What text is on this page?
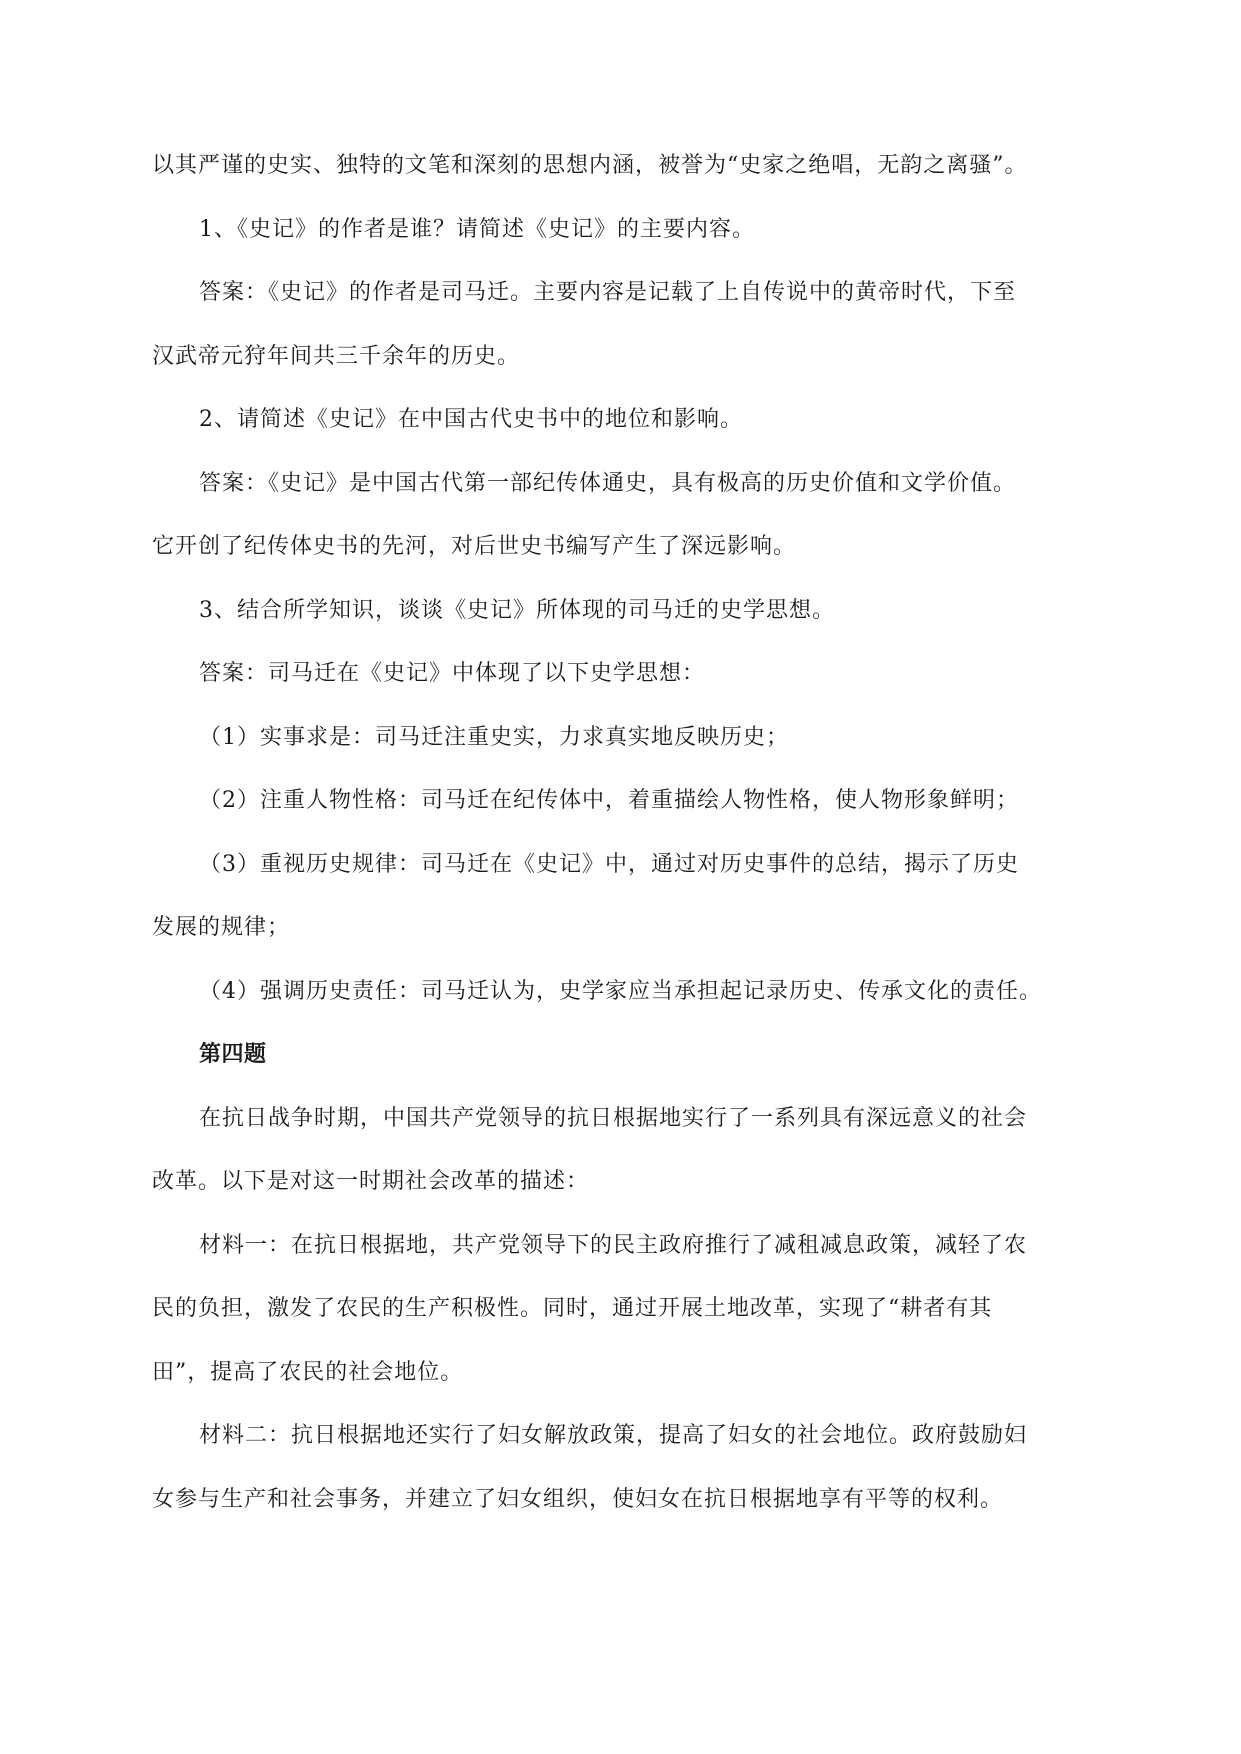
以其严谨的史实、独特的文笔和深刻的思想内涵，被誉为“史家之绝唱，无韵之离骚”。
1、《史记》的作者是谁？请简述《史记》的主要内容。
答案：《史记》的作者是司马迁。主要内容是记载了上自传说中的黄帝时代，下至
汉武帝元狩年间共三千余年的历史。
2、请简述《史记》在中国古代史书中的地位和影响。
答案：《史记》是中国古代第一部纪传体通史，具有极高的历史价值和文学价值。
它开创了纪传体史书的先河，对后世史书编写产生了深远影响。
3、结合所学知识，谈谈《史记》所体现的司马迁的史学思想。
答案：司马迁在《史记》中体现了以下史学思想：
（1）实事求是：司马迁注重史实，力求真实地反映历史；
（2）注重人物性格：司马迁在纪传体中，着重描绘人物性格，使人物形象鲜明；
（3）重视历史规律：司马迁在《史记》中，通过对历史事件的总结，揭示了历史
发展的规律；
（4）强调历史责任：司马迁认为，史学家应当承担起记录历史、传承文化的责任。
第四题
在抗日战争时期，中国共产党领导的抗日根据地实行了一系列具有深远意义的社会
改革。以下是对这一时期社会改革的描述：
材料一：在抗日根据地，共产党领导下的民主政府推行了减租减息政策，减轻了农
民的负担，激发了农民的生产积极性。同时，通过开展土地改革，实现了“耕者有其
田”，提高了农民的社会地位。
材料二：抗日根据地还实行了妇女解放政策，提高了妇女的社会地位。政府鼓励妇
女参与生产和社会事务，并建立了妇女组织，使妇女在抗日根据地享有平等的权利。
